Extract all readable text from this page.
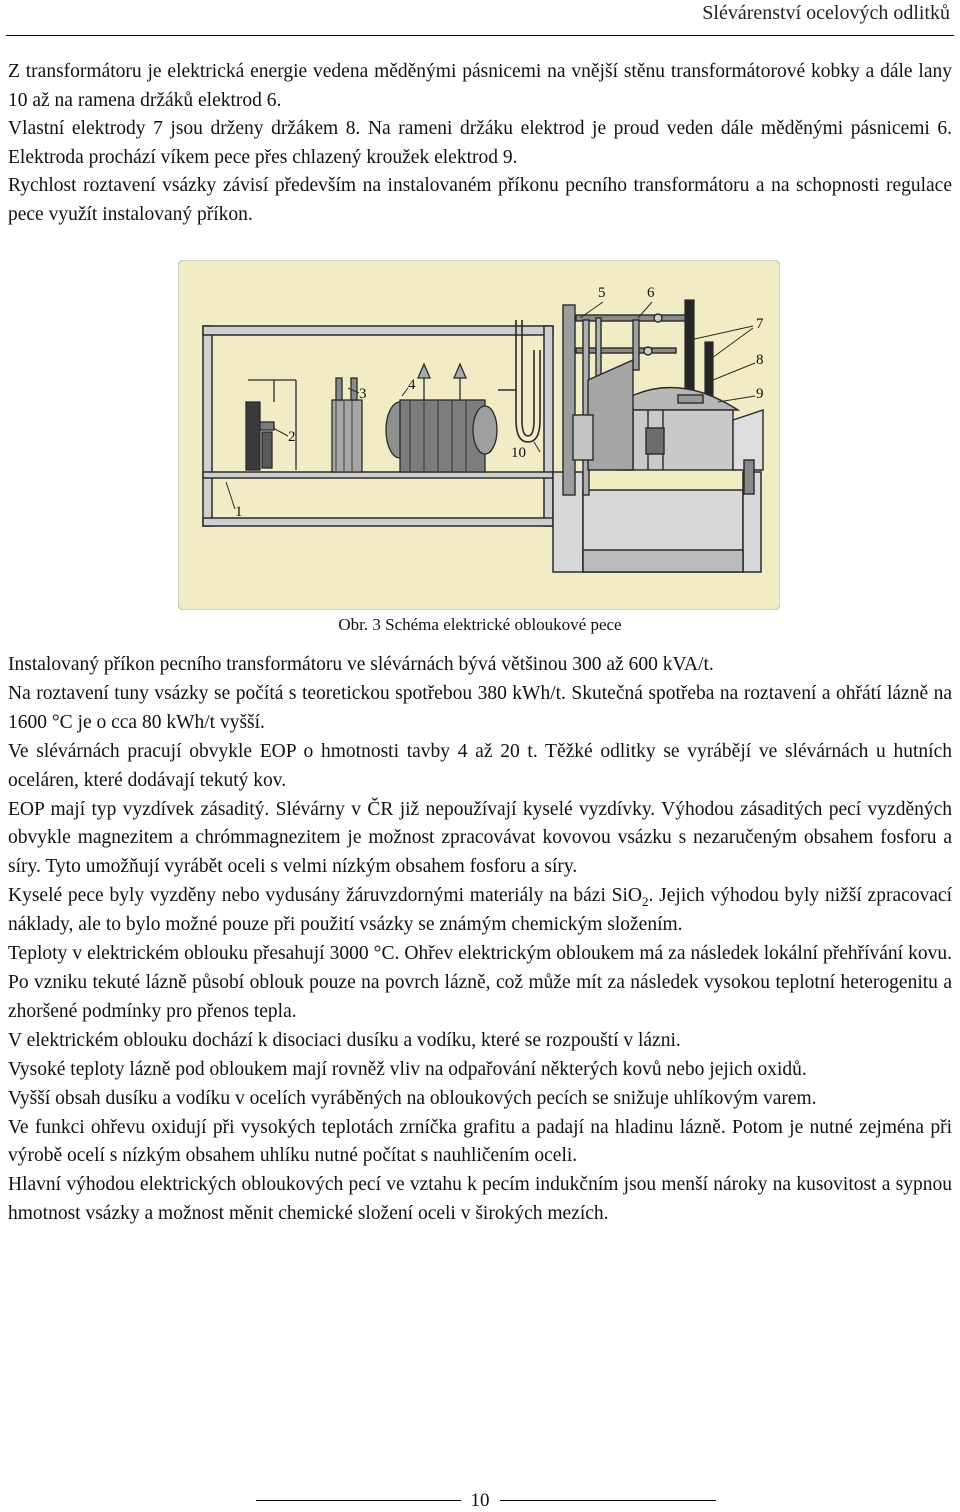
Slévárenství ocelových odlitků

Z transformátoru je elektrická energie vedena měděnými pásnicemi na vnější stěnu transformátorové kobky a dále lany 10 až na ramena držáků elektrod 6.

Vlastní elektrody 7 jsou drženy držákem 8. Na rameni držáku elektrod je proud veden dále měděnými pásnicemi 6. Elektroda prochází víkem pece přes chlazený kroužek elektrod 9.

Rychlost roztavení vsázky závisí především na instalovaném příkonu pecního transformátoru a na schopnosti regulace pece využít instalovaný příkon.

1
2
3
4
5	6
7
8
9
10
Obr. 3 Schéma elektrické obloukové pece

Instalovaný příkon pecního transformátoru ve slévárnách bývá většinou 300 až 600 kVA/t.

Na roztavení tuny vsázky se počítá s teoretickou spotřebou 380 kWh/t. Skutečná spotřeba na roztavení a ohřátí lázně na 1600 °C je o cca 80 kWh/t vyšší.

Ve slévárnách pracují obvykle EOP o hmotnosti tavby 4 až 20 t. Těžké odlitky se vyrábějí ve slévárnách u hutních oceláren, které dodávají tekutý kov.

EOP mají typ vyzdívek zásaditý. Slévárny v ČR již nepoužívají kyselé vyzdívky. Výhodou zásaditých pecí vyzděných obvykle magnezitem a chrómmagnezitem je možnost zpracovávat kovovou vsázku s nezaručeným obsahem fosforu a síry. Tyto umožňují vyrábět oceli s velmi nízkým obsahem fosforu a síry.

Kyselé pece byly vyzděny nebo vydusány žáruvzdornými materiály na bázi SiO$_2$. Jejich výhodou byly nižší zpracovací náklady, ale to bylo možné pouze při použití vsázky se známým chemickým složením.

Teploty v elektrickém oblouku přesahují 3000 °C. Ohřev elektrickým obloukem má za následek lokální přehřívání kovu. Po vzniku tekuté lázně působí oblouk pouze na povrch lázně, což může mít za následek vysokou teplotní heterogenitu a zhoršené podmínky pro přenos tepla.

V elektrickém oblouku dochází k disociaci dusíku a vodíku, které se rozpouští v lázni.

Vysoké teploty lázně pod obloukem mají rovněž vliv na odpařování některých kovů nebo jejich oxidů.

Vyšší obsah dusíku a vodíku v ocelích vyráběných na obloukových pecích se snižuje uhlíkovým varem.

Ve funkci ohřevu oxidují při vysokých teplotách zrníčka grafitu a padají na hladinu lázně. Potom je nutné zejména při výrobě ocelí s nízkým obsahem uhlíku nutné počítat s nauhličením oceli.

Hlavní výhodou elektrických obloukových pecí ve vztahu k pecím indukčním jsou menší nároky na kusovitost a sypnou hmotnost vsázky a možnost měnit chemické složení oceli v širokých mezích.

10
